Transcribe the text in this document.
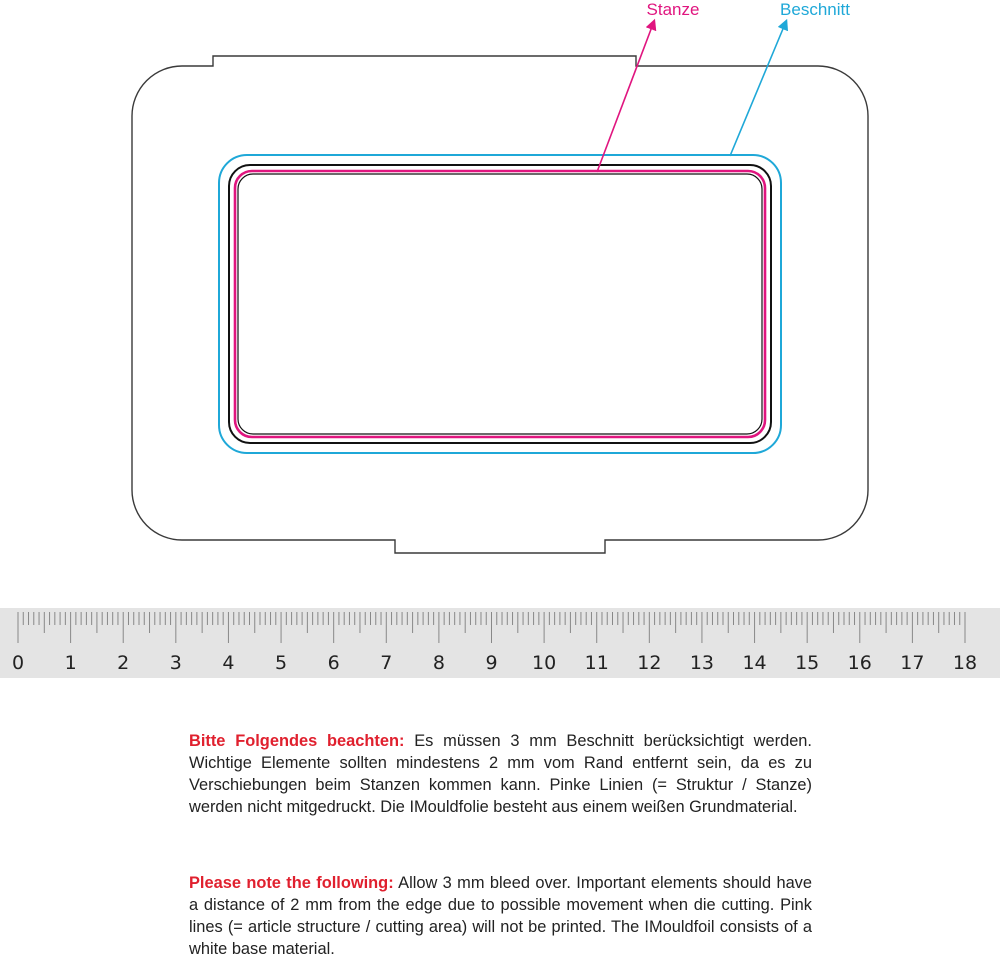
Stanze	Beschnitt
0 1 2 3 4 5 6 7 8 9 10 11 12 13 14 15 16 17 18
Bitte Folgendes beachten: Es müssen 3 mm Beschnitt berücksichtigt werden. Wichtige Elemente sollten mindestens 2 mm vom Rand entfernt sein, da es zu Verschiebungen beim Stanzen kommen kann. Pinke Linien (= Struktur / Stanze) werden nicht mitgedruckt. Die IMouldfolie besteht aus einem weißen Grundmaterial.
Please note the following: Allow 3 mm bleed over. Important elements should have a distance of 2 mm from the edge due to possible movement when die cutting. Pink lines (= article structure / cutting area) will not be printed. The IMouldfoil consists of a white base material.
